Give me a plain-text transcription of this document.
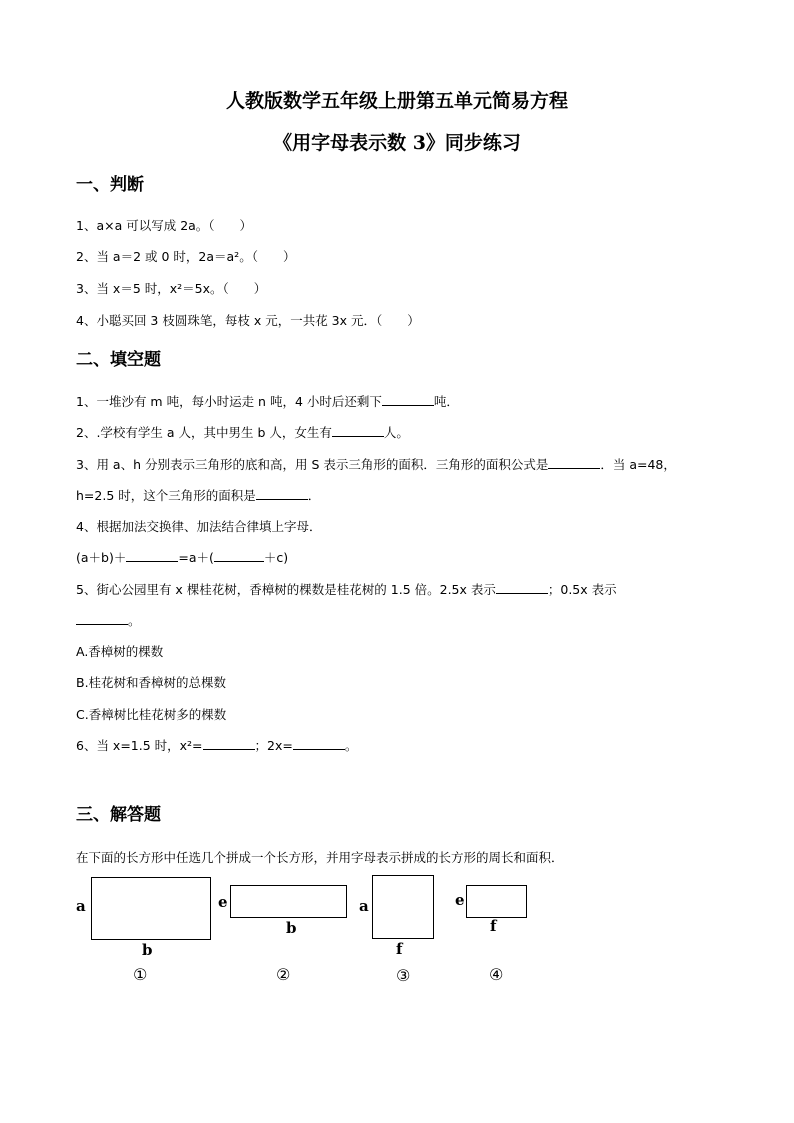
人教版数学五年级上册第五单元简易方程
《用字母表示数 3》同步练习
一、判断
1、a×a 可以写成 2a。（　　）
2、当 a＝2 或 0 时，2a＝a²。（　　）
3、当 x＝5 时，x²＝5x。（　　）
4、小聪买回 3 枝圆珠笔，每枝 x 元，一共花 3x 元．（　　）
二、填空题
1、一堆沙有 m 吨，每小时运走 n 吨，4 小时后还剩下	吨．
2、.学校有学生 a 人，其中男生 b 人，女生有	人。
3、用 a、h 分别表示三角形的底和高，用 S 表示三角形的面积．三角形的面积公式是	．当 a=48，
h=2.5 时，这个三角形的面积是	．
4、根据加法交换律、加法结合律填上字母．
(a＋b)＋	=a＋(	＋c)
5、街心公园里有 x 棵桂花树，香樟树的棵数是桂花树的 1.5 倍。2.5x 表示	；0.5x 表示
。
A.香樟树的棵数
B.桂花树和香樟树的总棵数
C.香樟树比桂花树多的棵数
6、当 x=1.5 时，x²=	；2x=	。
三、解答题
在下面的长方形中任选几个拼成一个长方形，并用字母表示拼成的长方形的周长和面积．
a
b
①
e
b
②
a
f
③
e
f
④
